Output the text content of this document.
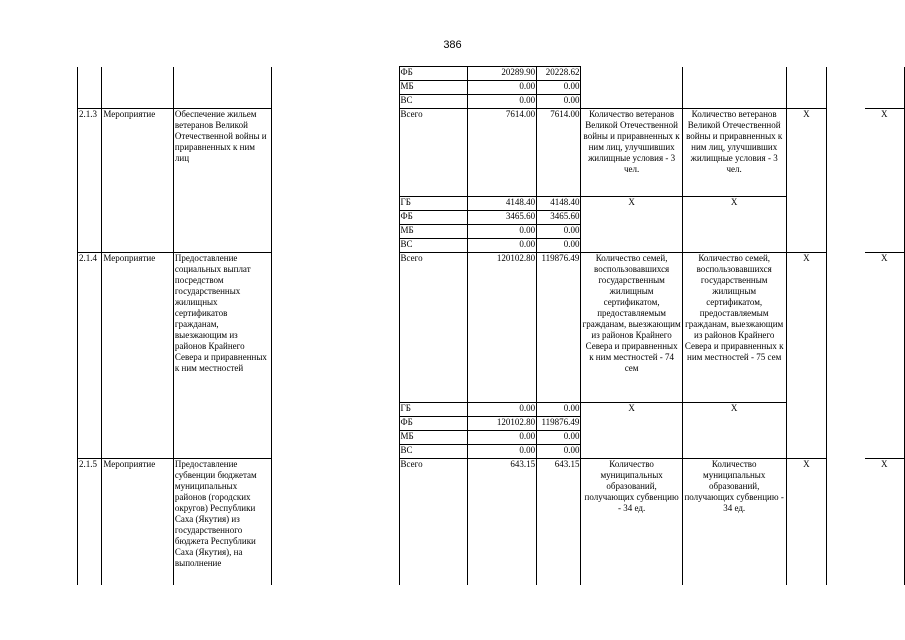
386
					ФБ	20289.90	20228.62					
					МБ	0.00	0.00					
					ВС	0.00	0.00					
2.1.3	Мероприятие	Обеспечение жильем ветеранов Великой Отечественной войны и приравненных к ним лиц			Всего	7614.00	7614.00	Количество ветеранов Великой Отечественной войны и приравненных к ним лиц, улучшивших жилищные условия - 3 чел.	Количество ветеранов Великой Отечественной войны и приравненных к ним лиц, улучшивших жилищные условия - 3 чел.	Х		Х
					ГБ	4148.40	4148.40	Х	Х			
					ФБ	3465.60	3465.60					
					МБ	0.00	0.00					
					ВС	0.00	0.00					
2.1.4	Мероприятие	Предоставление социальных выплат посредством государственных жилищных сертификатов гражданам, выезжающим из районов Крайнего Севера и приравненных к ним местностей			Всего	120102.80	119876.49	Количество семей, воспользовавшихся государственным жилищным сертификатом, предоставляемым гражданам, выезжающим из районов Крайнего Севера и приравненных к ним местностей - 74 сем	Количество семей, воспользовавшихся государственным жилищным сертификатом, предоставляемым гражданам, выезжающим из районов Крайнего Севера и приравненных к ним местностей - 75 сем	Х		Х
					ГБ	0.00	0.00	Х	Х			
					ФБ	120102.80	119876.49					
					МБ	0.00	0.00					
					ВС	0.00	0.00					
2.1.5	Мероприятие	Предоставление субвенции бюджетам муниципальных районов (городских округов) Республики Саха (Якутия) из государственного бюджета Республики Саха (Якутия), на выполнение			Всего	643.15	643.15	Количество муниципальных образований, получающих субвенцию - 34 ед.	Количество муниципальных образований, получающих субвенцию - 34 ед.	Х		Х
